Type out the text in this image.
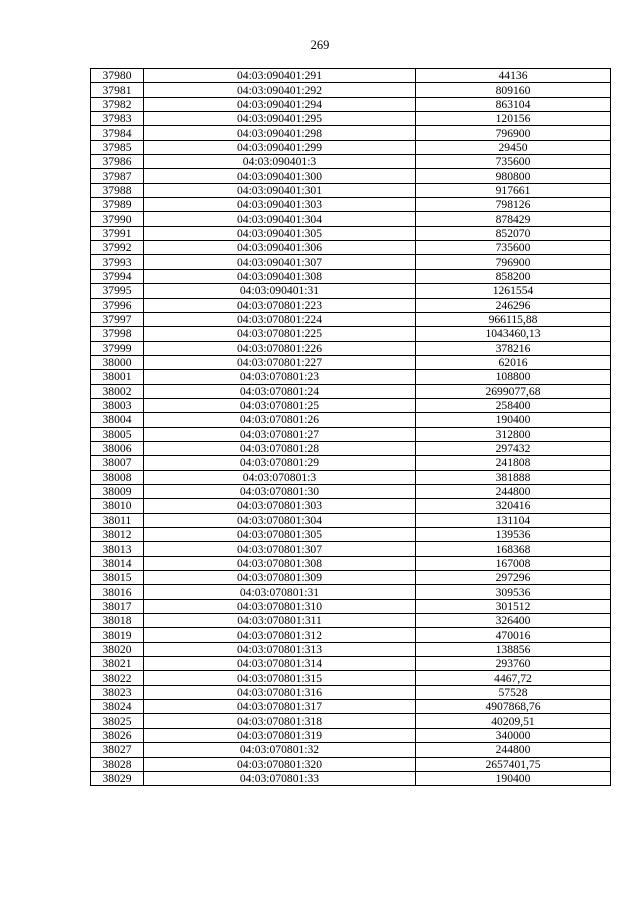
269
37980	04:03:090401:291	44136
37981	04:03:090401:292	809160
37982	04:03:090401:294	863104
37983	04:03:090401:295	120156
37984	04:03:090401:298	796900
37985	04:03:090401:299	29450
37986	04:03:090401:3	735600
37987	04:03:090401:300	980800
37988	04:03:090401:301	917661
37989	04:03:090401:303	798126
37990	04:03:090401:304	878429
37991	04:03:090401:305	852070
37992	04:03:090401:306	735600
37993	04:03:090401:307	796900
37994	04:03:090401:308	858200
37995	04:03:090401:31	1261554
37996	04:03:070801:223	246296
37997	04:03:070801:224	966115,88
37998	04:03:070801:225	1043460,13
37999	04:03:070801:226	378216
38000	04:03:070801:227	62016
38001	04:03:070801:23	108800
38002	04:03:070801:24	2699077,68
38003	04:03:070801:25	258400
38004	04:03:070801:26	190400
38005	04:03:070801:27	312800
38006	04:03:070801:28	297432
38007	04:03:070801:29	241808
38008	04:03:070801:3	381888
38009	04:03:070801:30	244800
38010	04:03:070801:303	320416
38011	04:03:070801:304	131104
38012	04:03:070801:305	139536
38013	04:03:070801:307	168368
38014	04:03:070801:308	167008
38015	04:03:070801:309	297296
38016	04:03:070801:31	309536
38017	04:03:070801:310	301512
38018	04:03:070801:311	326400
38019	04:03:070801:312	470016
38020	04:03:070801:313	138856
38021	04:03:070801:314	293760
38022	04:03:070801:315	4467,72
38023	04:03:070801:316	57528
38024	04:03:070801:317	4907868,76
38025	04:03:070801:318	40209,51
38026	04:03:070801:319	340000
38027	04:03:070801:32	244800
38028	04:03:070801:320	2657401,75
38029	04:03:070801:33	190400
